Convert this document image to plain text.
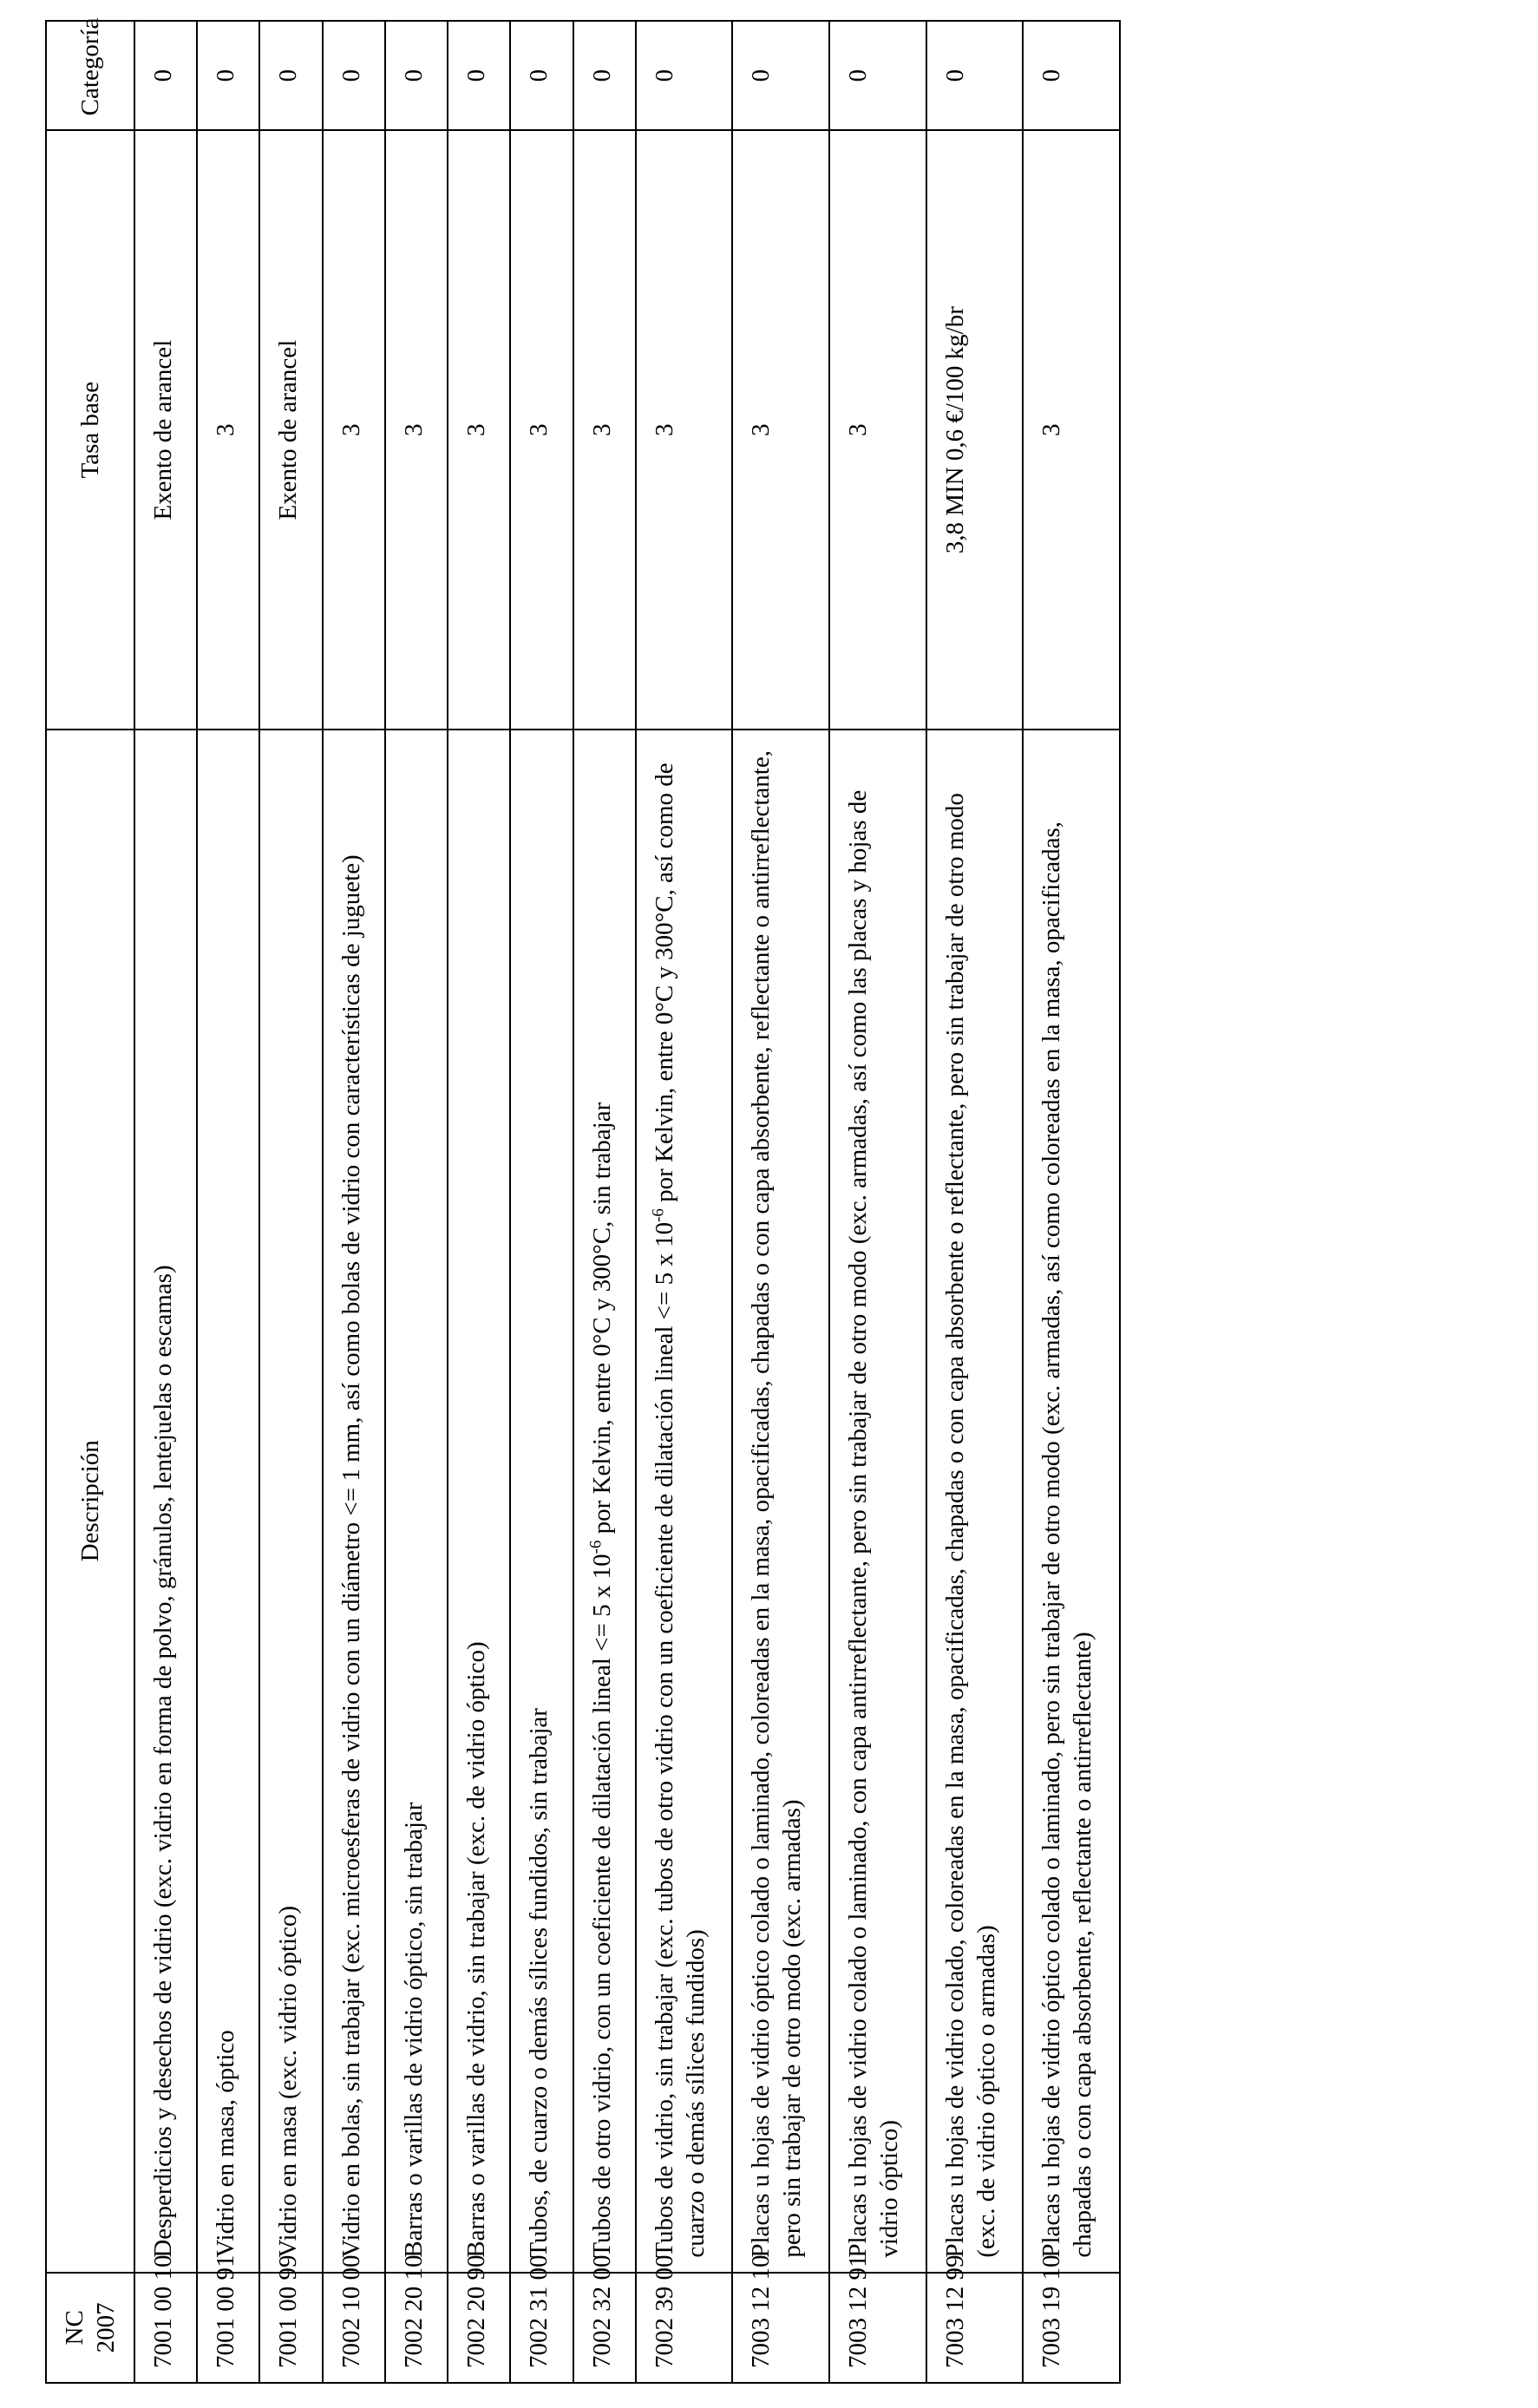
NC 2007	Descripción	Tasa base	Categoría
7001 00 10	Desperdicios y desechos de vidrio (exc. vidrio en forma de polvo, gránulos, lentejuelas o escamas)	Exento de arancel	0
7001 00 91	Vidrio en masa, óptico	3	0
7001 00 99	Vidrio en masa (exc. vidrio óptico)	Exento de arancel	0
7002 10 00	Vidrio en bolas, sin trabajar (exc. microesferas de vidrio con un diámetro <= 1 mm, así como bolas de vidrio con características de juguete)	3	0
7002 20 10	Barras o varillas de vidrio óptico, sin trabajar	3	0
7002 20 90	Barras o varillas de vidrio, sin trabajar (exc. de vidrio óptico)	3	0
7002 31 00	Tubos, de cuarzo o demás sílices fundidos, sin trabajar	3	0
7002 32 00	Tubos de otro vidrio, con un coeficiente de dilatación lineal <= 5 x $10^{-6}$ por Kelvin, entre 0°C y 300°C, sin trabajar	3	0
7002 39 00	Tubos de vidrio, sin trabajar (exc. tubos de otro vidrio con un coeficiente de dilatación lineal <= 5 x $10^{-6}$ por Kelvin, entre 0°C y 300°C, así como de cuarzo o demás sílices fundidos)	3	0
7003 12 10	Placas u hojas de vidrio óptico colado o laminado, coloreadas en la masa, opacificadas, chapadas o con capa absorbente, reflectante o antirreflectante, pero sin trabajar de otro modo (exc. armadas)	3	0
7003 12 91	Placas u hojas de vidrio colado o laminado, con capa antirreflectante, pero sin trabajar de otro modo (exc. armadas, así como las placas y hojas de vidrio óptico)	3	0
7003 12 99	Placas u hojas de vidrio colado, coloreadas en la masa, opacificadas, chapadas o con capa absorbente o reflectante, pero sin trabajar de otro modo (exc. de vidrio óptico o armadas)	3,8 MIN 0,6 €/100 kg/br	0
7003 19 10	Placas u hojas de vidrio óptico colado o laminado, pero sin trabajar de otro modo (exc. armadas, así como coloreadas en la masa, opacificadas, chapadas o con capa absorbente, reflectante o antirreflectante)	3	0
